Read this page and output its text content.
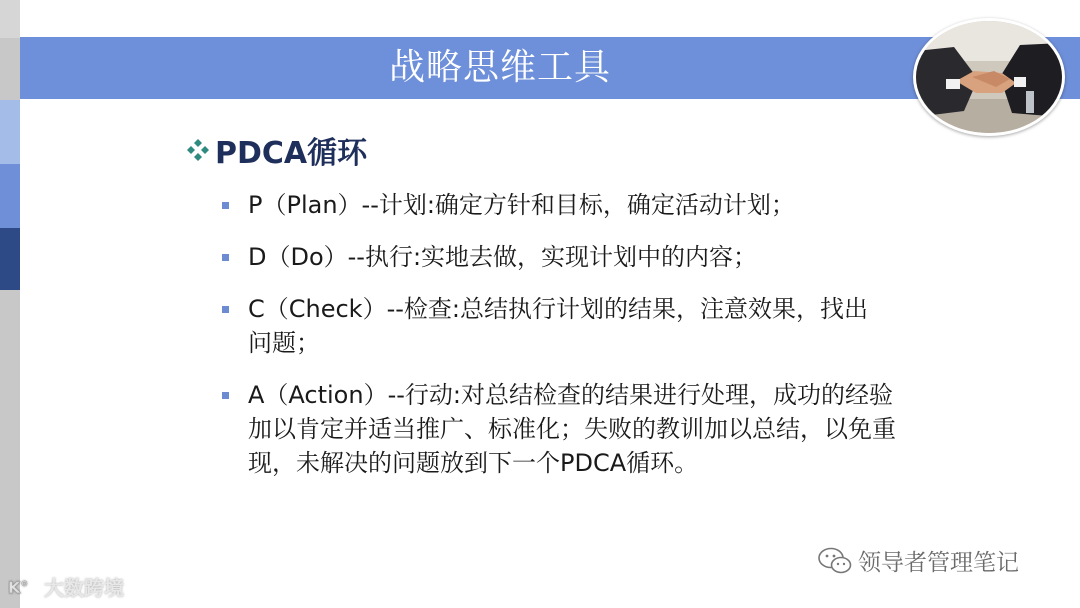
战略思维工具
PDCA循环
P（Plan）--计划:确定方针和目标，确定活动计划；
D（Do）--执行:实地去做，实现计划中的内容；
C（Check）--检查:总结执行计划的结果，注意效果，找出问题；
A（Action）--行动:对总结检查的结果进行处理，成功的经验加以肯定并适当推广、标准化；失败的教训加以总结，以免重现，未解决的问题放到下一个PDCA循环。
K° 大数跨境
领导者管理笔记
